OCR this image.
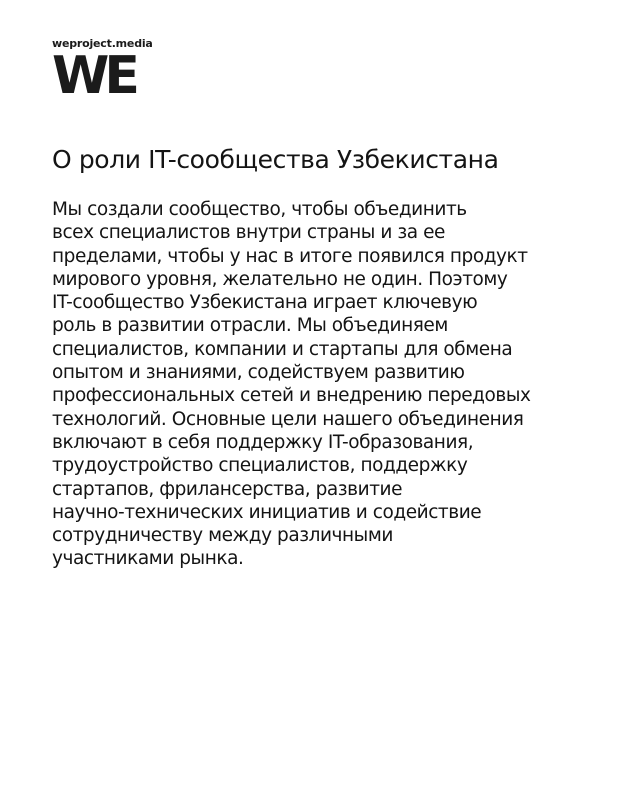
weproject.media
WE
О роли IT-сообщества Узбекистана
Мы создали сообщество, чтобы объединить
всех специалистов внутри страны и за ее
пределами, чтобы у нас в итоге появился продукт
мирового уровня, желательно не один. Поэтому
IT-сообщество Узбекистана играет ключевую
роль в развитии отрасли. Мы объединяем
специалистов, компании и стартапы для обмена
опытом и знаниями, содействуем развитию
профессиональных сетей и внедрению передовых
технологий. Основные цели нашего объединения
включают в себя поддержку IT-образования,
трудоустройство специалистов, поддержку
стартапов, фрилансерства, развитие
научно-технических инициатив и содействие
сотрудничеству между различными
участниками рынка.
